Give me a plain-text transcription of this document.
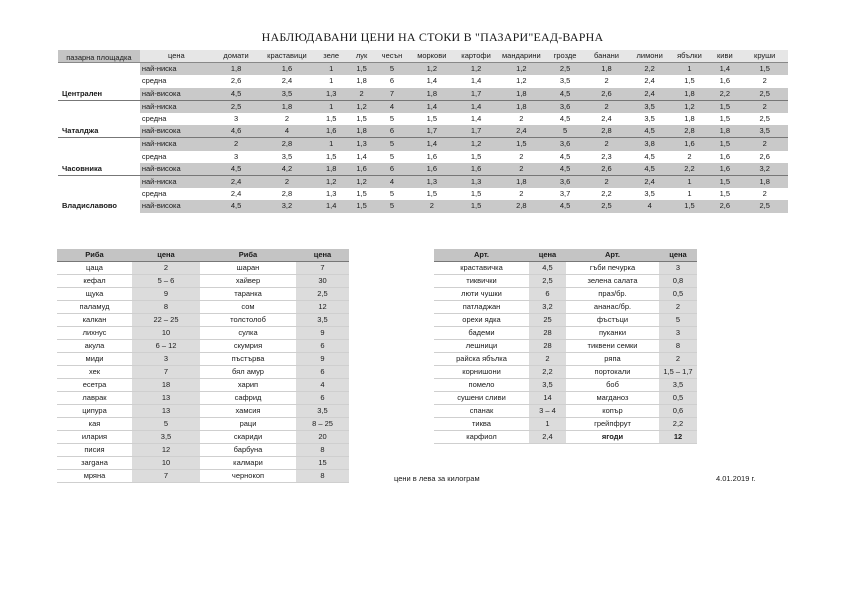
НАБЛЮДАВАНИ ЦЕНИ НА СТОКИ В "ПАЗАРИ"ЕАД-ВАРНА
пазарна площадка	цена	домати	краставици	зеле	лук	чесън	моркови	картофи	мандарини	грозде	банани	лимони	ябълки	киви	круши
	най-ниска	1,8	1,6	1	1,5	5	1,2	1,2	1,2	2,5	1,8	2,2	1	1,4	1,5
	средна	2,6	2,4	1	1,8	6	1,4	1,4	1,2	3,5	2	2,4	1,5	1,6	2
Централен	най-висока	4,5	3,5	1,3	2	7	1,8	1,7	1,8	4,5	2,6	2,4	1,8	2,2	2,5
	най-ниска	2,5	1,8	1	1,2	4	1,4	1,4	1,8	3,6	2	3,5	1,2	1,5	2
	средна	3	2	1,5	1,5	5	1,5	1,4	2	4,5	2,4	3,5	1,8	1,5	2,5
Чаталджа	най-висока	4,6	4	1,6	1,8	6	1,7	1,7	2,4	5	2,8	4,5	2,8	1,8	3,5
	най-ниска	2	2,8	1	1,3	5	1,4	1,2	1,5	3,6	2	3,8	1,6	1,5	2
	средна	3	3,5	1,5	1,4	5	1,6	1,5	2	4,5	2,3	4,5	2	1,6	2,6
Часовника	най-висока	4,5	4,2	1,8	1,6	6	1,6	1,6	2	4,5	2,6	4,5	2,2	1,6	3,2
	най-ниска	2,4	2	1,2	1,2	4	1,3	1,3	1,8	3,6	2	2,4	1	1,5	1,8
	средна	2,4	2,8	1,3	1,5	5	1,5	1,5	2	3,7	2,2	3,5	1	1,5	2
Владиславово	най-висока	4,5	3,2	1,4	1,5	5	2	1,5	2,8	4,5	2,5	4	1,5	2,6	2,5
Риба	цена	Риба	цена
цаца	2	шаран	7
кефал	5 – 6	хайвер	30
щука	9	таранка	2,5
паламуд	8	сом	12
калкан	22 – 25	толстолоб	3,5
лихнус	10	сулка	9
акула	6 – 12	скумрия	6
миди	3	пъстърва	9
хек	7	бял амур	6
есетра	18	харип	4
лаврак	13	сафрид	6
ципура	13	хамсия	3,5
кая	5	раци	8 – 25
илария	3,5	скариди	20
писия	12	барбуна	8
зargана	10	калмари	15
мряна	7	чернокоп	8
Арт.	цена	Арт.	цена
краставичка	4,5	гъби печурка	3
тиквички	2,5	зелена салата	0,8
люти чушки	6	праз/бр.	0,5
патладжан	3,2	ананас/бр.	2
орехи ядка	25	фъстъци	5
бадеми	28	пуканки	3
лешници	28	тиквени семки	8
райска ябълка	2	ряпа	2
корнишони	2,2	портокали	1,5 – 1,7
помело	3,5	боб	3,5
сушени сливи	14	магданоз	0,5
спанак	3 – 4	копър	0,6
тиква	1	грейпфрут	2,2
карфиол	2,4	ягоди	12
цени в лева за килограм	4.01.2019 г.
